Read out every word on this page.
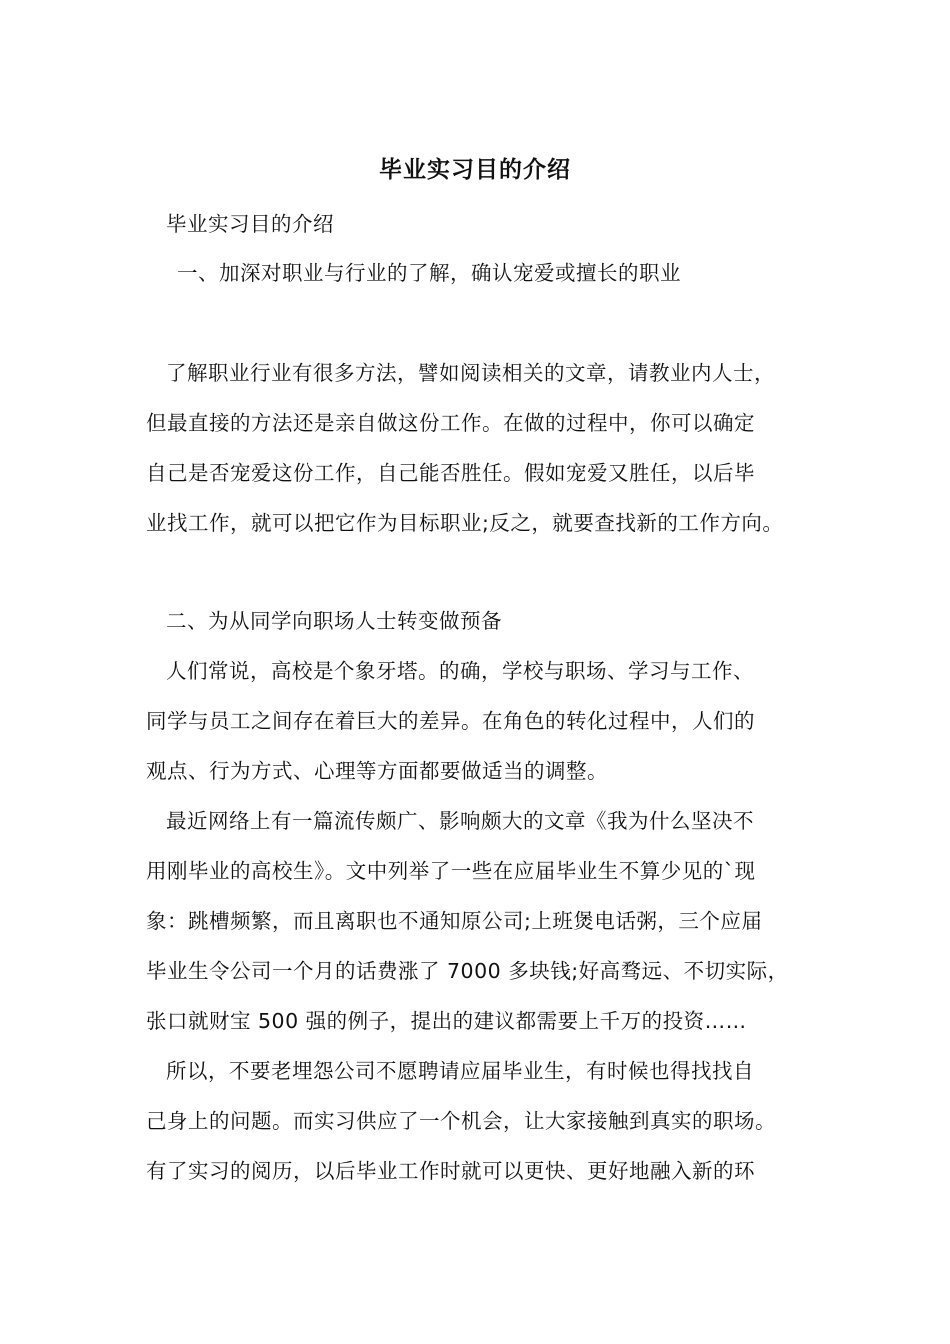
毕业实习目的介绍
毕业实习目的介绍
一、加深对职业与行业的了解，确认宠爱或擅长的职业
了解职业行业有很多方法，譬如阅读相关的文章，请教业内人士，
但最直接的方法还是亲自做这份工作。在做的过程中，你可以确定
自己是否宠爱这份工作，自己能否胜任。假如宠爱又胜任，以后毕
业找工作，就可以把它作为目标职业;反之，就要查找新的工作方向。
二、为从同学向职场人士转变做预备
人们常说，高校是个象牙塔。的确，学校与职场、学习与工作、
同学与员工之间存在着巨大的差异。在角色的转化过程中，人们的
观点、行为方式、心理等方面都要做适当的调整。
最近网络上有一篇流传颇广、影响颇大的文章《我为什么坚决不
用刚毕业的高校生》。文中列举了一些在应届毕业生不算少见的`现
象：跳槽频繁，而且离职也不通知原公司;上班煲电话粥，三个应届
毕业生令公司一个月的话费涨了 7000 多块钱;好高骛远、不切实际，
张口就财宝 500 强的例子，提出的建议都需要上千万的投资……
所以，不要老埋怨公司不愿聘请应届毕业生，有时候也得找找自
己身上的问题。而实习供应了一个机会，让大家接触到真实的职场。
有了实习的阅历，以后毕业工作时就可以更快、更好地融入新的环
